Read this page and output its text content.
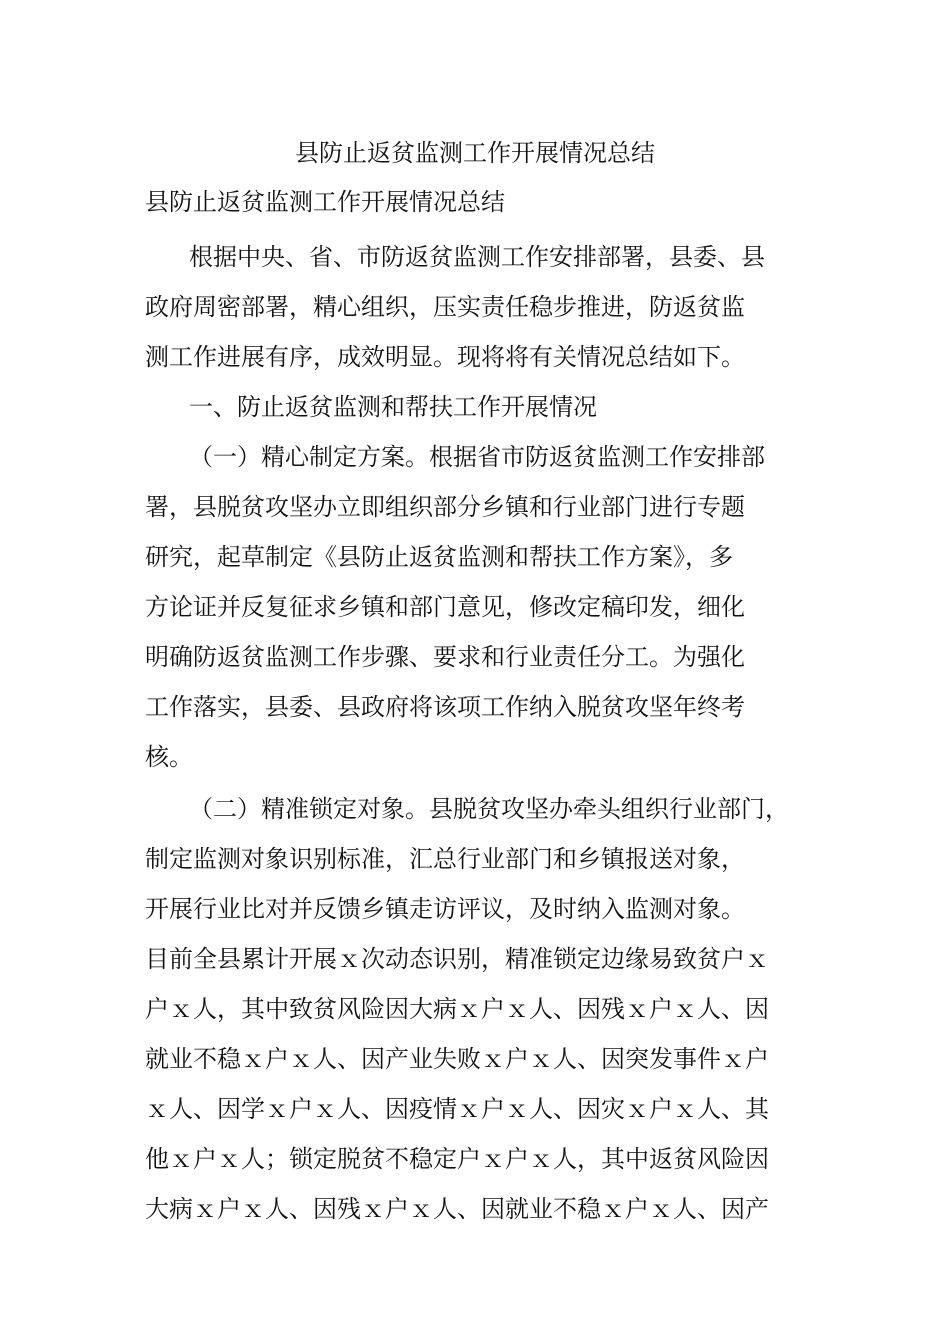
县防止返贫监测工作开展情况总结
县防止返贫监测工作开展情况总结
根据中央、省、市防返贫监测工作安排部署，县委、县
政府周密部署，精心组织，压实责任稳步推进，防返贫监
测工作进展有序，成效明显。现将将有关情况总结如下。
一、防止返贫监测和帮扶工作开展情况
（一）精心制定方案。根据省市防返贫监测工作安排部
署，县脱贫攻坚办立即组织部分乡镇和行业部门进行专题
研究，起草制定《县防止返贫监测和帮扶工作方案》，多
方论证并反复征求乡镇和部门意见，修改定稿印发，细化
明确防返贫监测工作步骤、要求和行业责任分工。为强化
工作落实，县委、县政府将该项工作纳入脱贫攻坚年终考
核。
（二）精准锁定对象。县脱贫攻坚办牵头组织行业部门，
制定监测对象识别标准，汇总行业部门和乡镇报送对象，
开展行业比对并反馈乡镇走访评议，及时纳入监测对象。
目前全县累计开展ｘ次动态识别，精准锁定边缘易致贫户ｘ
户ｘ人，其中致贫风险因大病ｘ户ｘ人、因残ｘ户ｘ人、因
就业不稳ｘ户ｘ人、因产业失败ｘ户ｘ人、因突发事件ｘ户
ｘ人、因学ｘ户ｘ人、因疫情ｘ户ｘ人、因灾ｘ户ｘ人、其
他ｘ户ｘ人；锁定脱贫不稳定户ｘ户ｘ人，其中返贫风险因
大病ｘ户ｘ人、因残ｘ户ｘ人、因就业不稳ｘ户ｘ人、因产
